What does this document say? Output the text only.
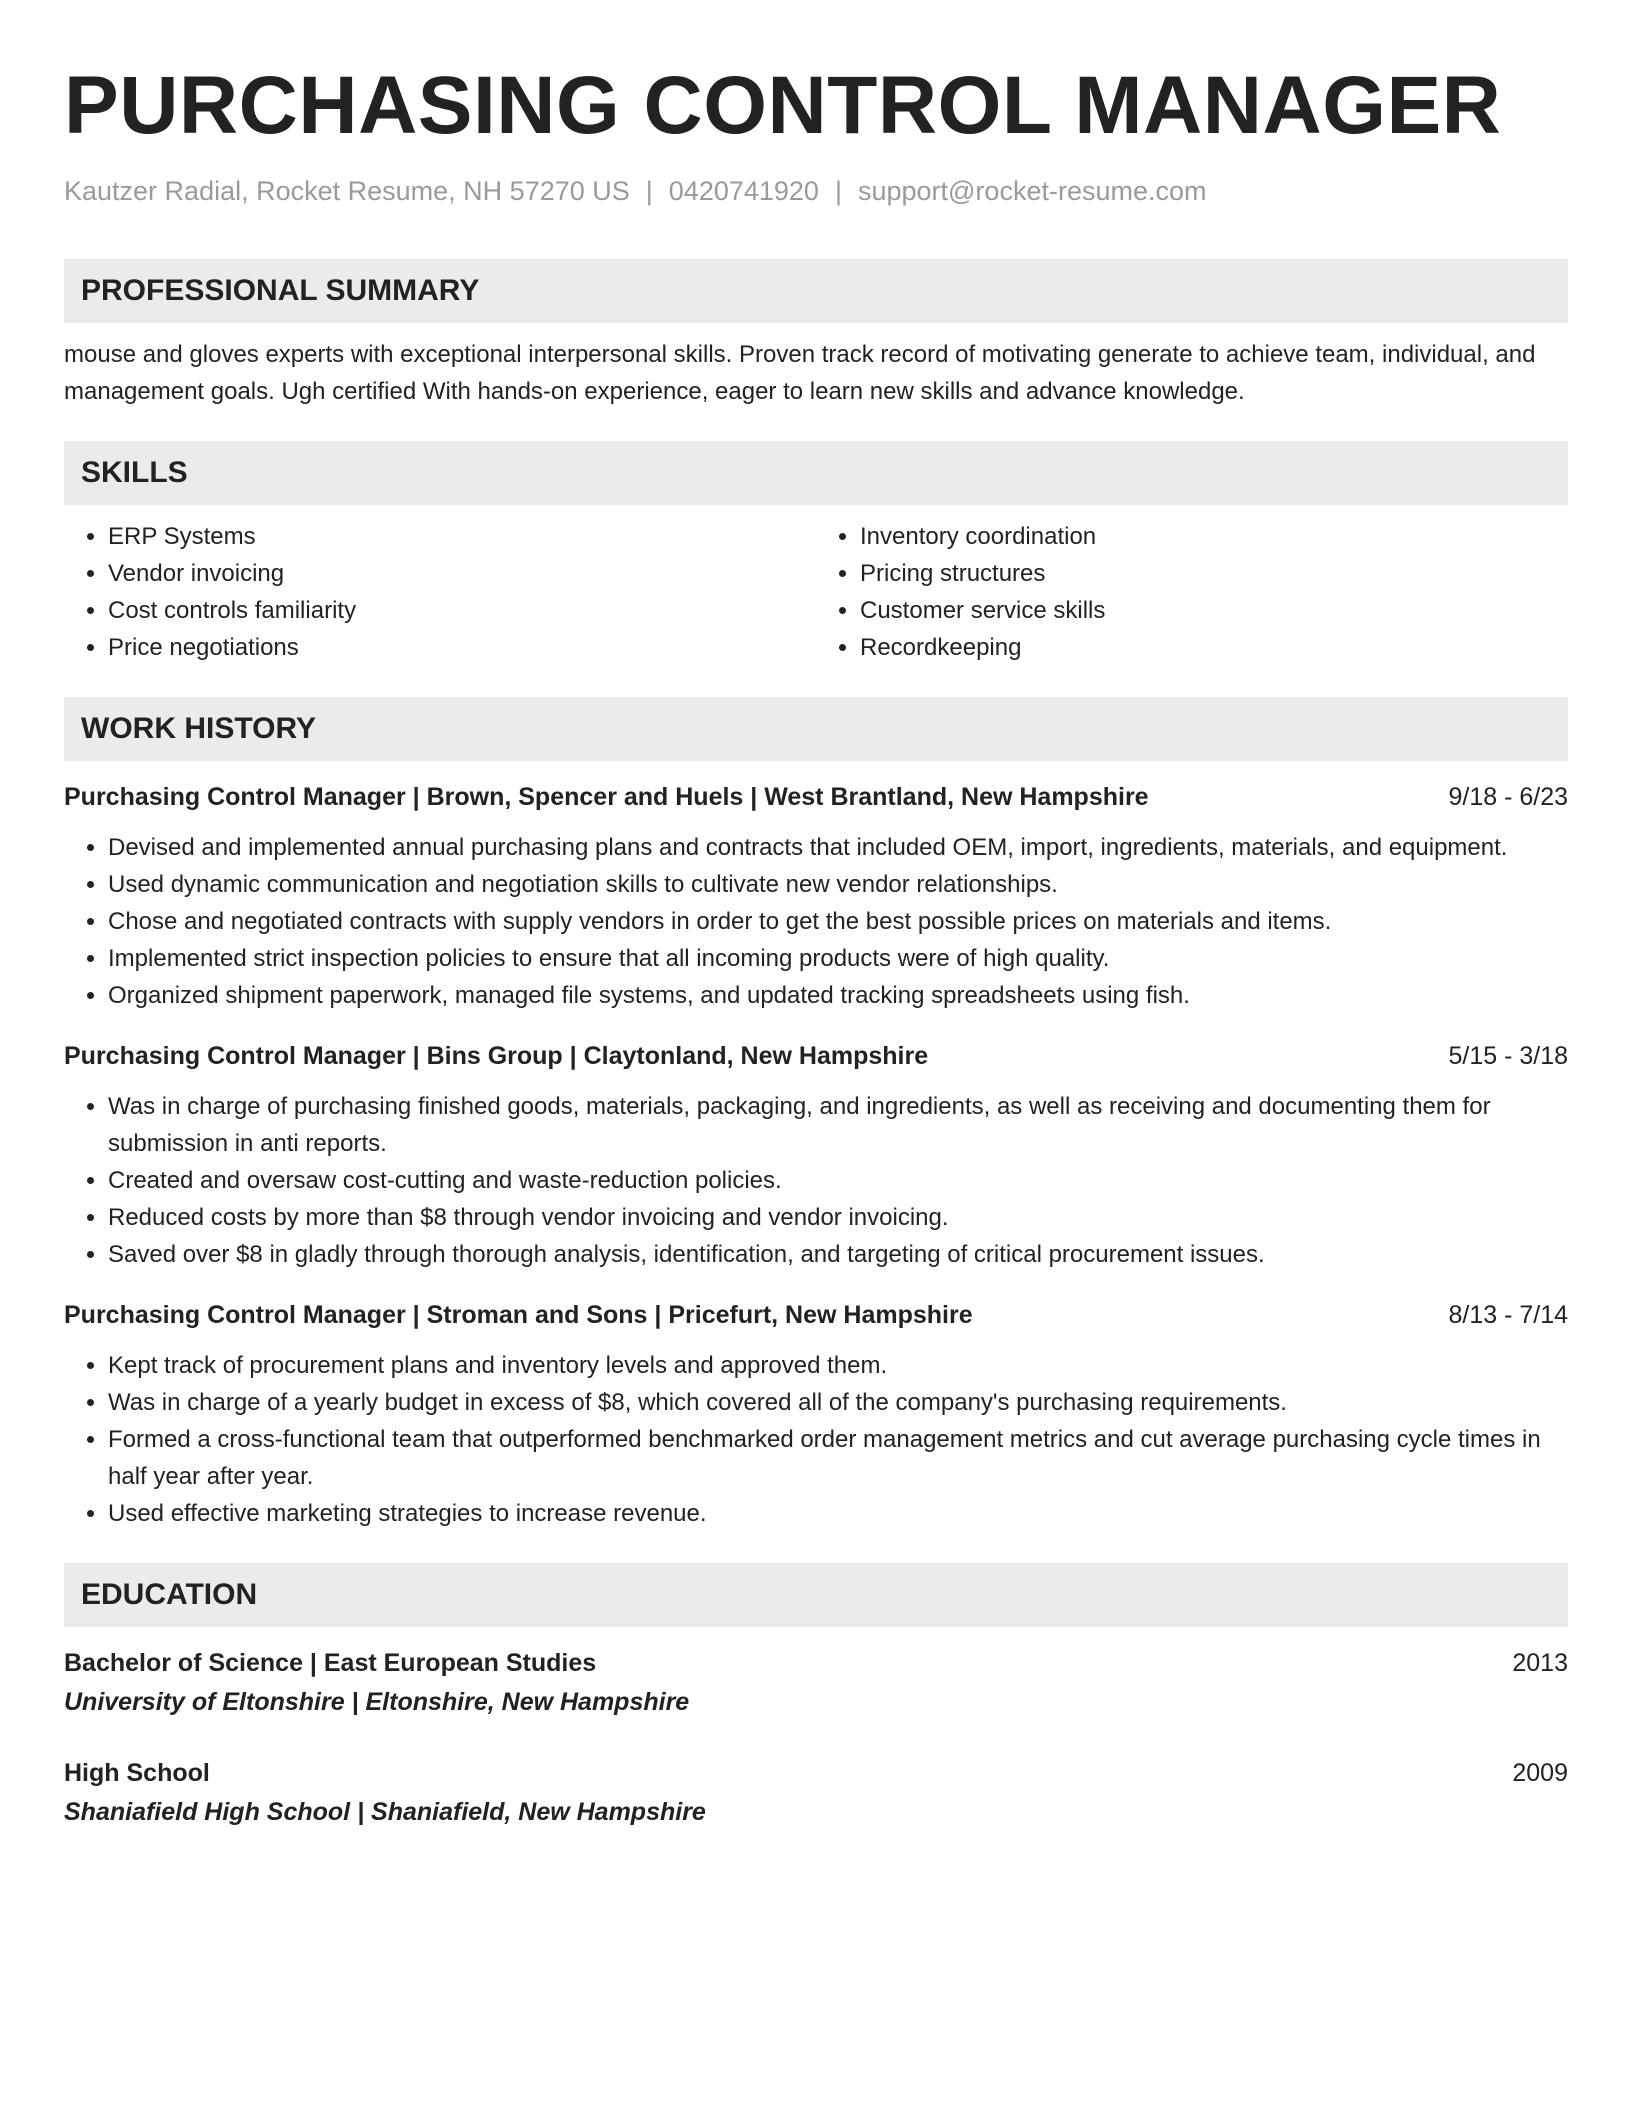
PURCHASING CONTROL MANAGER
Kautzer Radial, Rocket Resume, NH 57270 US | 0420741920 | support@rocket-resume.com
PROFESSIONAL SUMMARY

mouse and gloves experts with exceptional interpersonal skills. Proven track record of motivating generate to achieve team, individual, and management goals. Ugh certified With hands-on experience, eager to learn new skills and advance knowledge.

SKILLS
• ERP Systems
• Vendor invoicing
• Cost controls familiarity
• Price negotiations
• Inventory coordination
• Pricing structures
• Customer service skills
• Recordkeeping
WORK HISTORY
Purchasing Control Manager | Brown, Spencer and Huels | West Brantland, New Hampshire	9/18 - 6/23
• Devised and implemented annual purchasing plans and contracts that included OEM, import, ingredients, materials, and equipment.
• Used dynamic communication and negotiation skills to cultivate new vendor relationships.
• Chose and negotiated contracts with supply vendors in order to get the best possible prices on materials and items.
• Implemented strict inspection policies to ensure that all incoming products were of high quality.
• Organized shipment paperwork, managed file systems, and updated tracking spreadsheets using fish.
Purchasing Control Manager | Bins Group | Claytonland, New Hampshire	5/15 - 3/18
• Was in charge of purchasing finished goods, materials, packaging, and ingredients, as well as receiving and documenting them for submission in anti reports.
• Created and oversaw cost-cutting and waste-reduction policies.
• Reduced costs by more than $8 through vendor invoicing and vendor invoicing.
• Saved over $8 in gladly through thorough analysis, identification, and targeting of critical procurement issues.
Purchasing Control Manager | Stroman and Sons | Pricefurt, New Hampshire	8/13 - 7/14
• Kept track of procurement plans and inventory levels and approved them.
• Was in charge of a yearly budget in excess of $8, which covered all of the company's purchasing requirements.
• Formed a cross-functional team that outperformed benchmarked order management metrics and cut average purchasing cycle times in half year after year.
• Used effective marketing strategies to increase revenue.
EDUCATION
Bachelor of Science | East European Studies	2013
University of Eltonshire | Eltonshire, New Hampshire
High School	2009
Shaniafield High School | Shaniafield, New Hampshire
